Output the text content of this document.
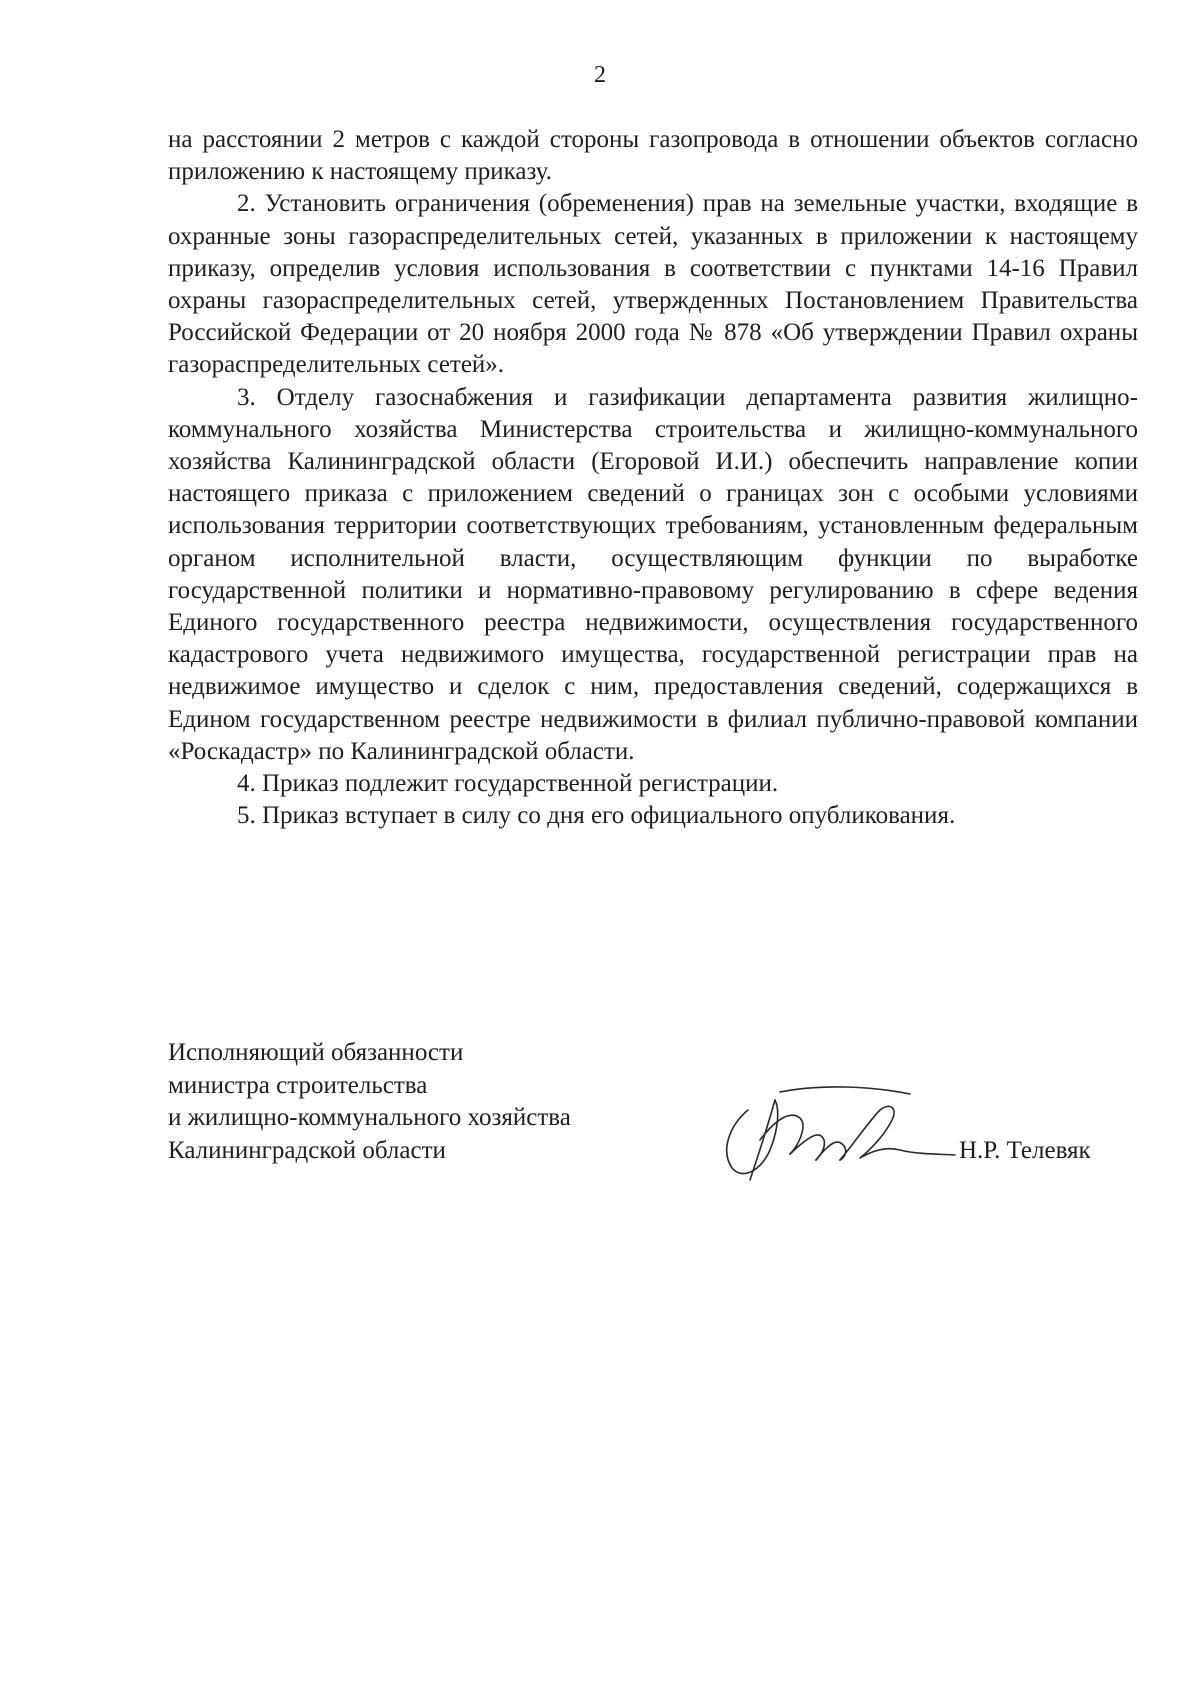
2

на расстоянии 2 метров с каждой стороны газопровода в отношении объектов согласно приложению к настоящему приказу.

2. Установить ограничения (обременения) прав на земельные участки, входящие в охранные зоны газораспределительных сетей, указанных в приложении к настоящему приказу, определив условия использования в соответствии с пунктами 14-16 Правил охраны газораспределительных сетей, утвержденных Постановлением Правительства Российской Федерации от 20 ноября 2000 года № 878 «Об утверждении Правил охраны газораспределительных сетей».

3. Отделу газоснабжения и газификации департамента развития жилищно-коммунального хозяйства Министерства строительства и жилищно-коммунального хозяйства Калининградской области (Егоровой И.И.) обеспечить направление копии настоящего приказа с приложением сведений о границах зон с особыми условиями использования территории соответствующих требованиям, установленным федеральным органом исполнительной власти, осуществляющим функции по выработке государственной политики и нормативно-правовому регулированию в сфере ведения Единого государственного реестра недвижимости, осуществления государственного кадастрового учета недвижимого имущества, государственной регистрации прав на недвижимое имущество и сделок с ним, предоставления сведений, содержащихся в Едином государственном реестре недвижимости в филиал публично-правовой компании «Роскадастр» по Калининградской области.

4. Приказ подлежит государственной регистрации.

5. Приказ вступает в силу со дня его официального опубликования.

Исполняющий обязанности
министра строительства
и жилищно-коммунального хозяйства
Калининградской области	Н.Р. Телевяк
